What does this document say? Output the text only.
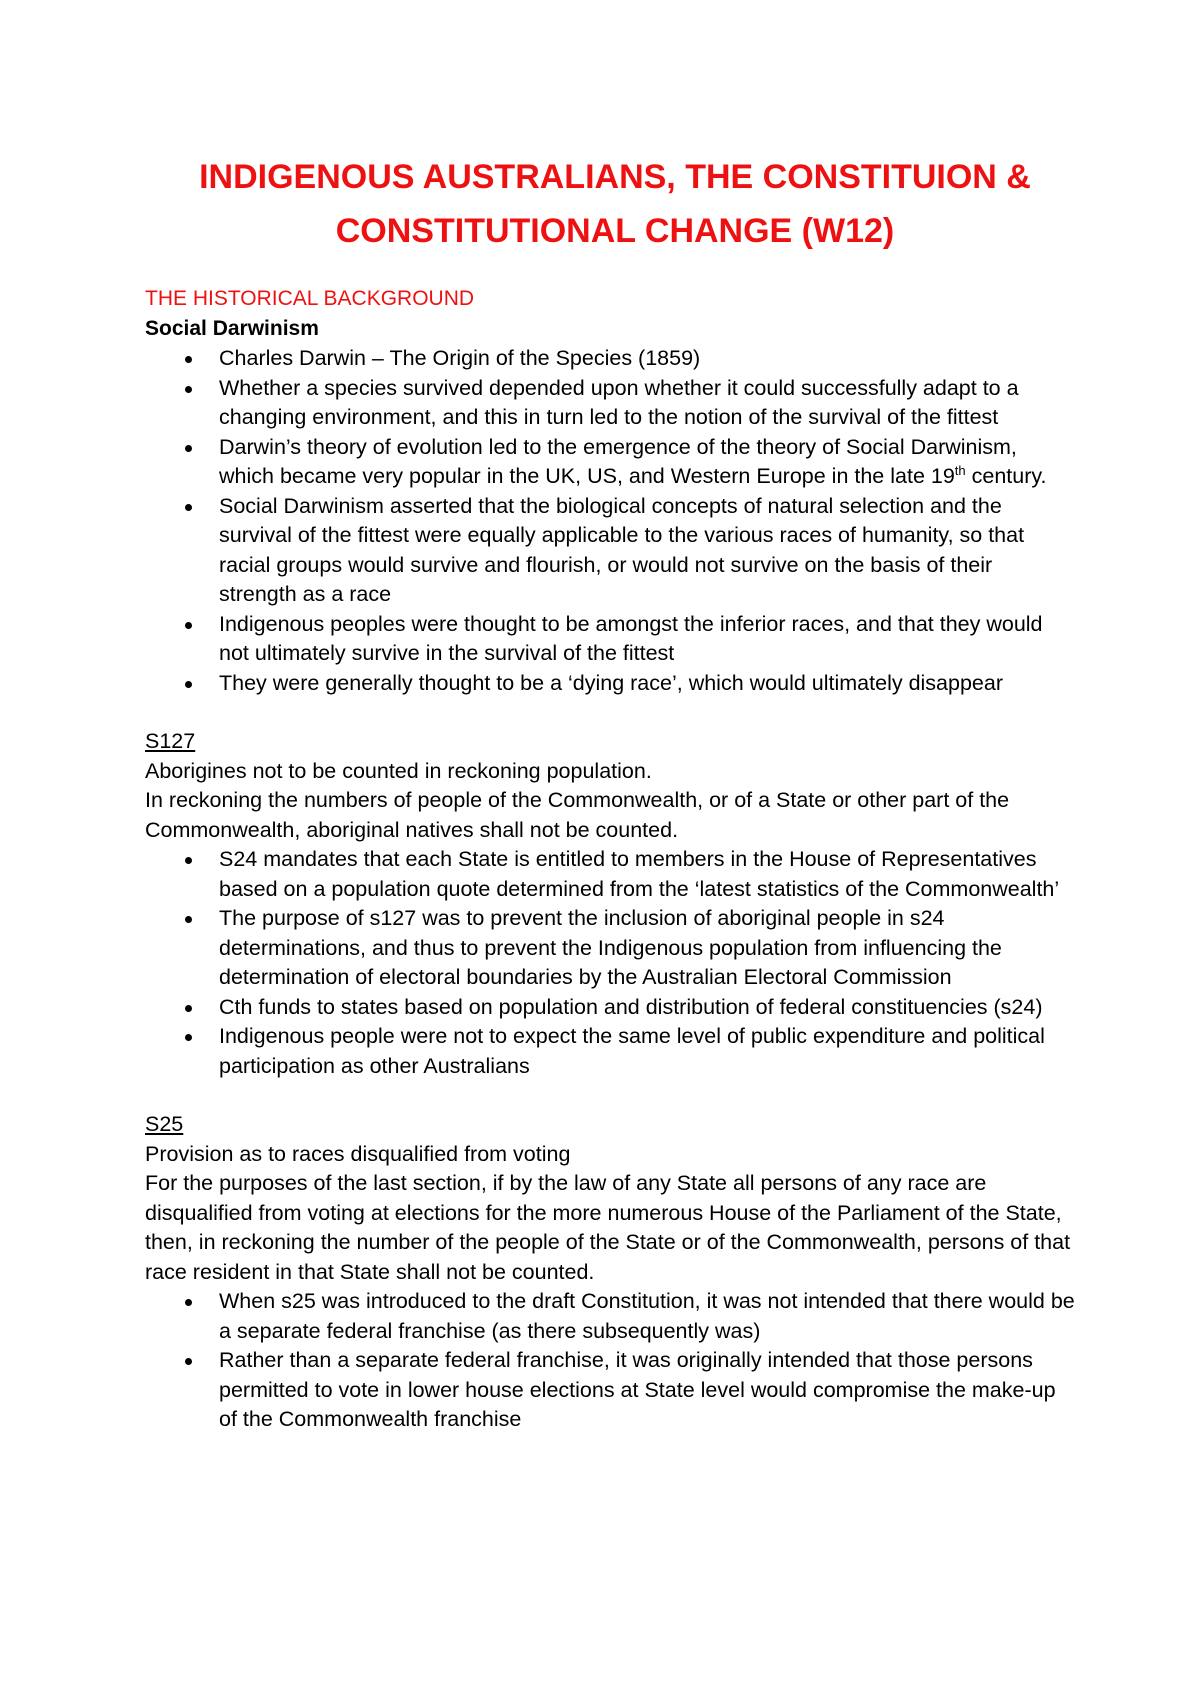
INDIGENOUS AUSTRALIANS, THE CONSTITUION &
CONSTITUTIONAL CHANGE (W12)
THE HISTORICAL BACKGROUND
Social Darwinism
Charles Darwin – The Origin of the Species (1859)
Whether a species survived depended upon whether it could successfully adapt to a changing environment, and this in turn led to the notion of the survival of the fittest
Darwin’s theory of evolution led to the emergence of the theory of Social Darwinism, which became very popular in the UK, US, and Western Europe in the late 19th century.
Social Darwinism asserted that the biological concepts of natural selection and the survival of the fittest were equally applicable to the various races of humanity, so that racial groups would survive and flourish, or would not survive on the basis of their strength as a race
Indigenous peoples were thought to be amongst the inferior races, and that they would not ultimately survive in the survival of the fittest
They were generally thought to be a ‘dying race’, which would ultimately disappear

S127

Aborigines not to be counted in reckoning population.

In reckoning the numbers of people of the Commonwealth, or of a State or other part of the Commonwealth, aboriginal natives shall not be counted.

S24 mandates that each State is entitled to members in the House of Representatives based on a population quote determined from the ‘latest statistics of the Commonwealth’
The purpose of s127 was to prevent the inclusion of aboriginal people in s24 determinations, and thus to prevent the Indigenous population from influencing the determination of electoral boundaries by the Australian Electoral Commission
Cth funds to states based on population and distribution of federal constituencies (s24)
Indigenous people were not to expect the same level of public expenditure and political participation as other Australians

S25

Provision as to races disqualified from voting

For the purposes of the last section, if by the law of any State all persons of any race are disqualified from voting at elections for the more numerous House of the Parliament of the State, then, in reckoning the number of the people of the State or of the Commonwealth, persons of that race resident in that State shall not be counted.

When s25 was introduced to the draft Constitution, it was not intended that there would be a separate federal franchise (as there subsequently was)
Rather than a separate federal franchise, it was originally intended that those persons permitted to vote in lower house elections at State level would compromise the make-up of the Commonwealth franchise
